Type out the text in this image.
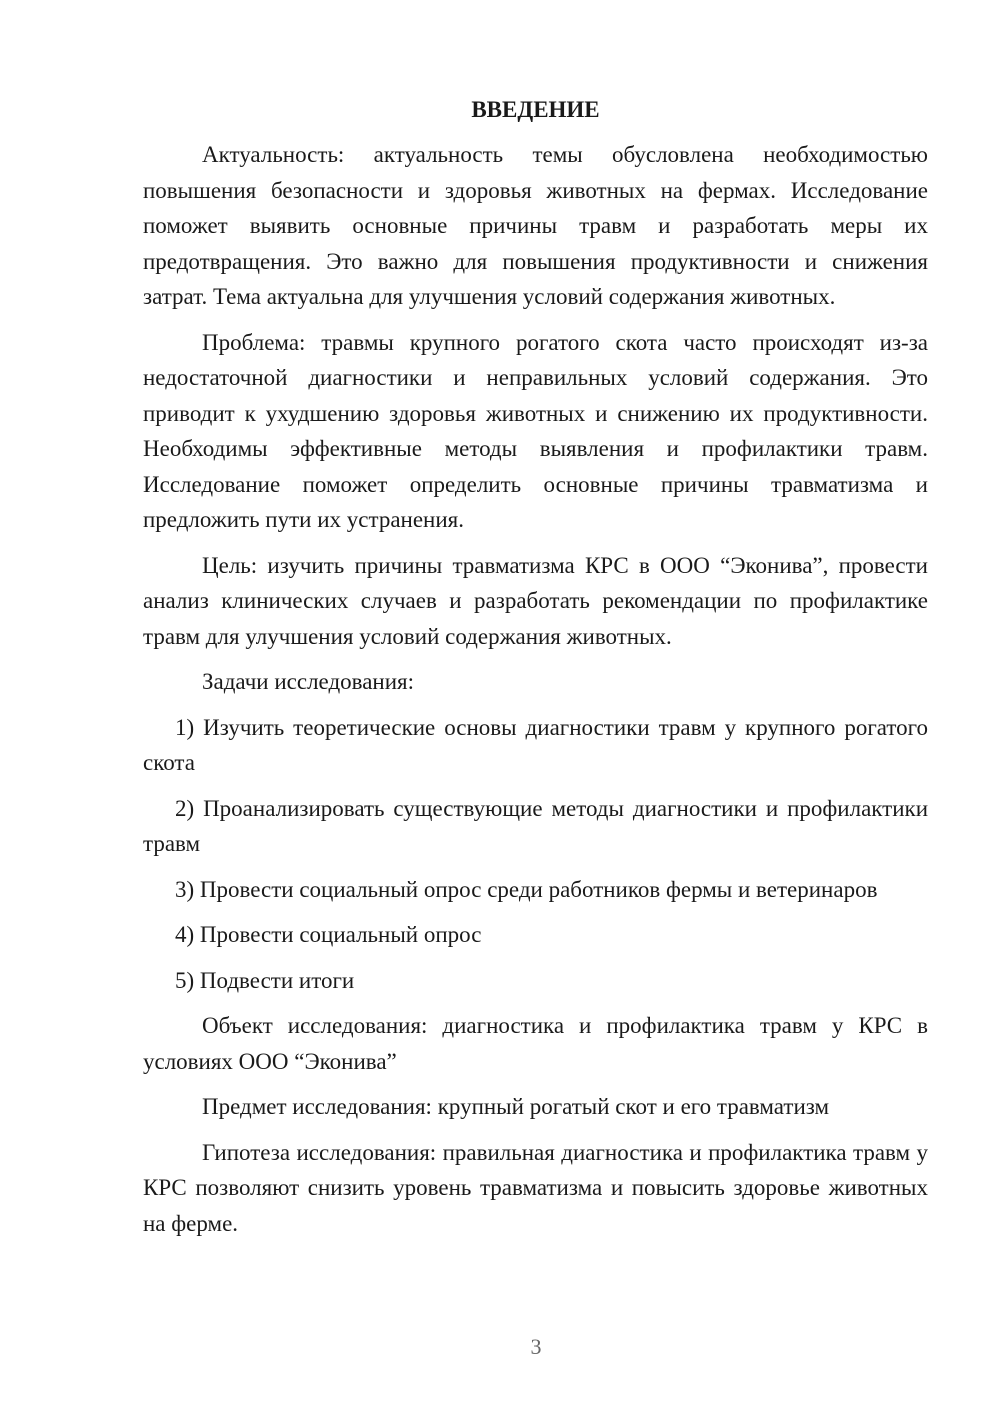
ВВЕДЕНИЕ

Актуальность: актуальность темы обусловлена необходимостью повышения безопасности и здоровья животных на фермах. Исследование поможет выявить основные причины травм и разработать меры их предотвращения. Это важно для повышения продуктивности и снижения затрат. Тема актуальна для улучшения условий содержания животных.

Проблема: травмы крупного рогатого скота часто происходят из-за недостаточной диагностики и неправильных условий содержания. Это приводит к ухудшению здоровья животных и снижению их продуктивности. Необходимы эффективные методы выявления и профилактики травм. Исследование поможет определить основные причины травматизма и предложить пути их устранения.

Цель: изучить причины травматизма КРС в ООО “Эконива”, провести анализ клинических случаев и разработать рекомендации по профилактике травм для улучшения условий содержания животных.

Задачи исследования:

1) Изучить теоретические основы диагностики травм у крупного рогатого скота

2) Проанализировать существующие методы диагностики и профилактики травм

3) Провести социальный опрос среди работников фермы и ветеринаров

4) Провести социальный опрос

5) Подвести итоги

Объект исследования: диагностика и профилактика травм у КРС в условиях ООО “Эконива”

Предмет исследования: крупный рогатый скот и его травматизм

Гипотеза исследования: правильная диагностика и профилактика травм у КРС позволяют снизить уровень травматизма и повысить здоровье животных на ферме.

3
